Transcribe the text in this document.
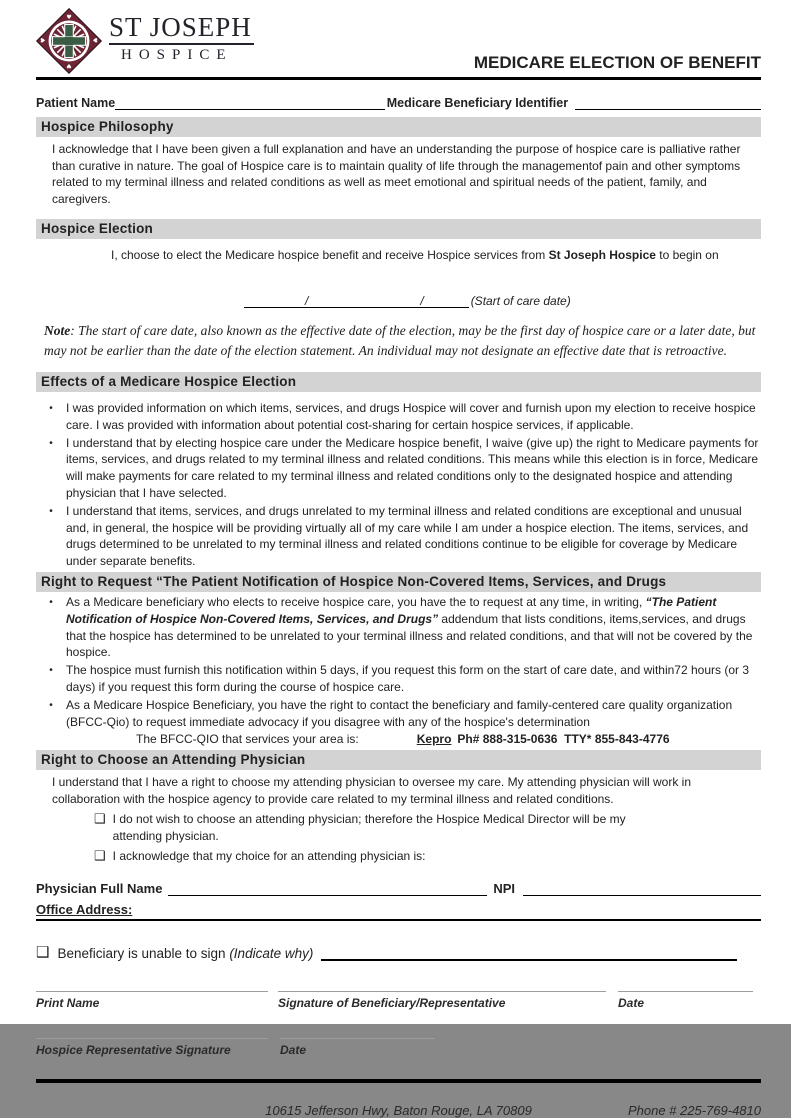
♥
♥
♥	♥ ST JOSEPH
HOSPICE	MEDICARE ELECTION OF BENEFIT
Patient Name	Medicare Beneficiary Identifier
Hospice Philosophy

I acknowledge that I have been given a full explanation and have an understanding the purpose of hospice care is palliative rather than curative in nature. The goal of Hospice care is to maintain quality of life through the managementof pain and other symptoms related to my terminal illness and related conditions as well as meet emotional and spiritual needs of the patient, family, and caregivers.

Hospice Election

I, choose to elect the Medicare hospice benefit and receive Hospice services from St Joseph Hospice to begin on

/	/	(Start of care date)

Note: The start of care date, also known as the effective date of the election, may be the first day of hospice care or a later date, but may not be earlier than the date of the election statement. An individual may not designate an effective date that is retroactive.

Effects of a Medicare Hospice Election
•	I was provided information on which items, services, and drugs Hospice will cover and furnish upon my election to receive hospice care. I was provided with information about potential cost-sharing for certain hospice services, if applicable.
•	I understand that by electing hospice care under the Medicare hospice benefit, I waive (give up) the right to Medicare payments for items, services, and drugs related to my terminal illness and related conditions. This means while this election is in force, Medicare will make payments for care related to my terminal illness and related conditions only to the designated hospice and attending physician that I have selected.
•	I understand that items, services, and drugs unrelated to my terminal illness and related conditions are exceptional and unusual and, in general, the hospice will be providing virtually all of my care while I am under a hospice election. The items, services, and drugs determined to be unrelated to my terminal illness and related conditions continue to be eligible for coverage by Medicare under separate benefits.
Right to Request “The Patient Notification of Hospice Non-Covered Items, Services, and Drugs
•	As a Medicare beneficiary who elects to receive hospice care, you have the to request at any time, in writing, “The Patient Notification of Hospice Non-Covered Items, Services, and Drugs” addendum that lists conditions, items,services, and drugs that the hospice has determined to be unrelated to your terminal illness and related conditions, and that will not be covered by the hospice.
•	The hospice must furnish this notification within 5 days, if you request this form on the start of care date, and within72 hours (or 3 days) if you request this form during the course of hospice care.
•	As a Medicare Hospice Beneficiary, you have the right to contact the beneficiary and family-centered care quality organization (BFCC-Qio) to request immediate advocacy if you disagree with any of the hospice's determination
The BFCC-QIO that services your area is:	Kepro Ph# 888-315-0636  TTY* 855-843-4776
Right to Choose an Attending Physician

I understand that I have a right to choose my attending physician to oversee my care. My attending physician will work in collaboration with the hospice agency to provide care related to my terminal illness and related conditions.

❑ I do not wish to choose an attending physician; therefore the Hospice Medical Director will be my attending physician.
❑ I acknowledge that my choice for an attending physician is:
Physician Full Name	NPI
Office Address:
❑ Beneficiary is unable to sign (Indicate why)
Print Name	Signature of Beneficiary/Representative	Date
Hospice Representative Signature	Date
10615 Jefferson Hwy, Baton Rouge, LA 70809	Phone # 225-769-4810
